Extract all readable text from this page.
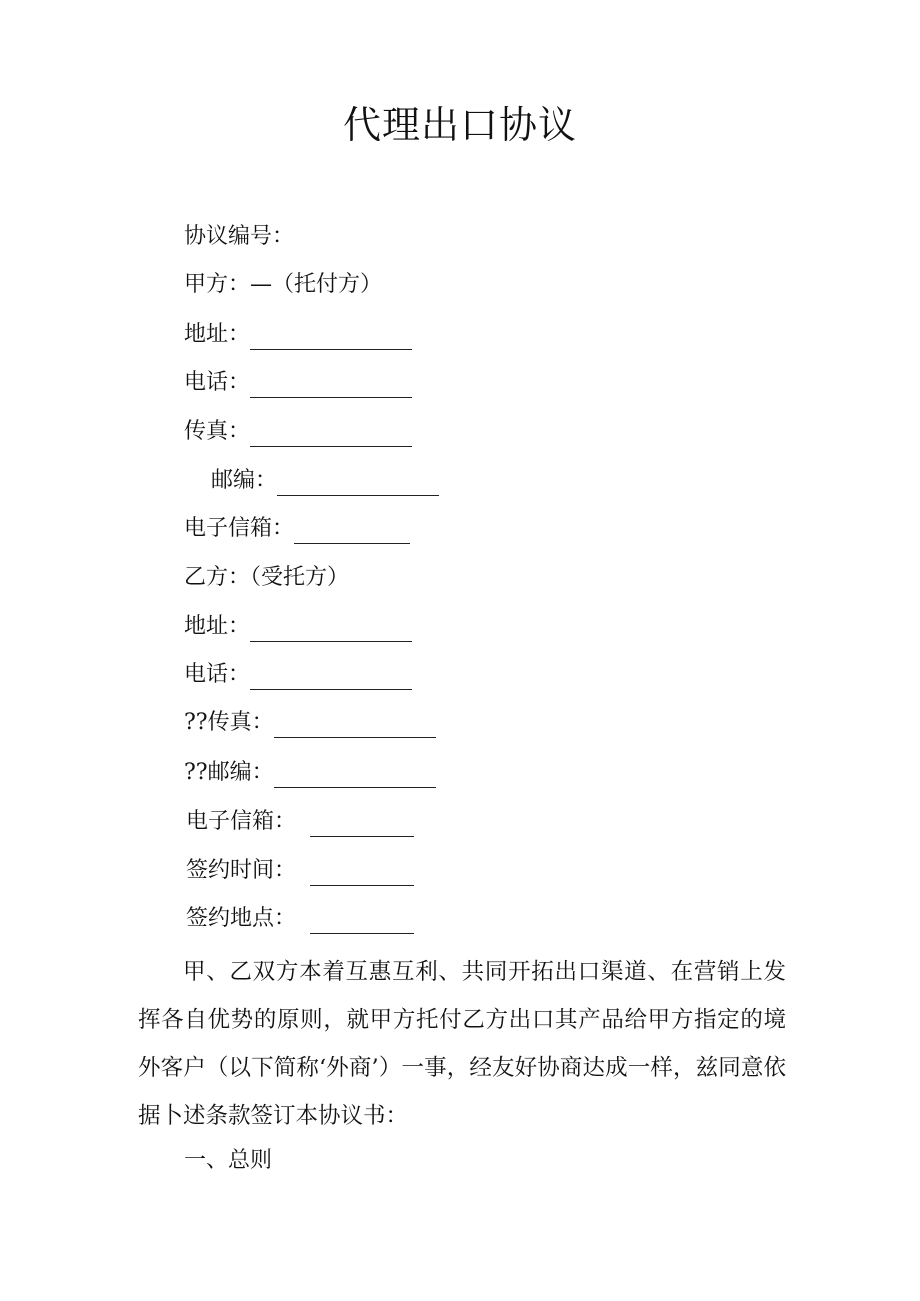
代理出口协议
协议编号：
甲方：—（托付方）
地址：
电话：
传真：
邮编：
电子信箱：
乙方：（受托方）
地址：
电话：
??传真：
??邮编：
电子信箱：
签约时间：
签约地点：

甲、乙双方本着互惠互利、共同开拓出口渠道、在营销上发挥各自优势的原则，就甲方托付乙方出口其产品给甲方指定的境外客户（以下简称‘外商’）一事，经友好协商达成一样，兹同意依据卜述条款签订本协议书：

一、总则
